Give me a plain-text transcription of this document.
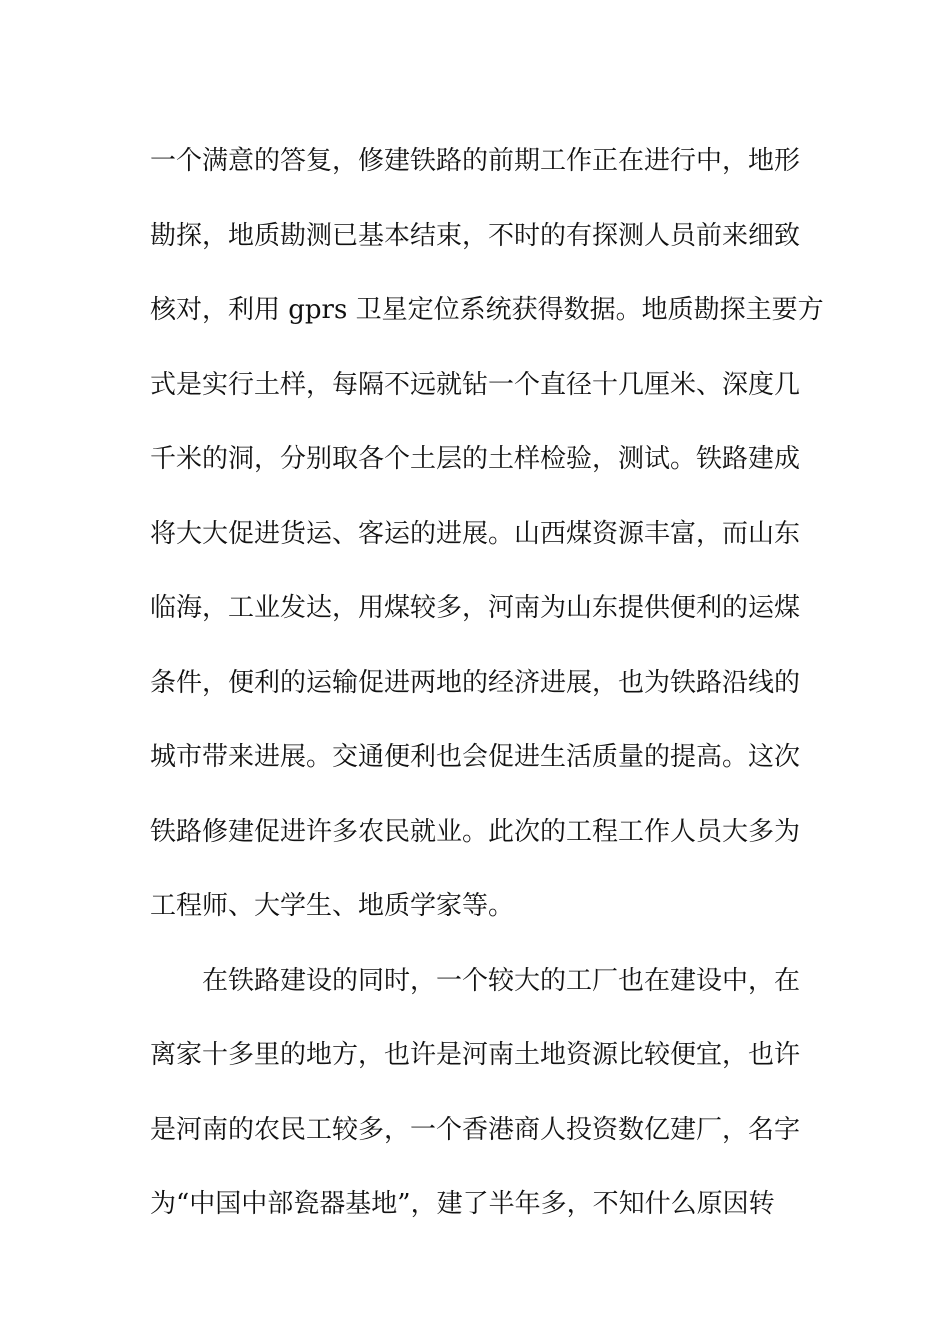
一个满意的答复，修建铁路的前期工作正在进行中，地形
勘探，地质勘测已基本结束，不时的有探测人员前来细致
核对，利用 gprs 卫星定位系统获得数据。地质勘探主要方
式是实行土样，每隔不远就钻一个直径十几厘米、深度几
千米的洞，分别取各个土层的土样检验，测试。铁路建成
将大大促进货运、客运的进展。山西煤资源丰富，而山东
临海，工业发达，用煤较多，河南为山东提供便利的运煤
条件，便利的运输促进两地的经济进展，也为铁路沿线的
城市带来进展。交通便利也会促进生活质量的提高。这次
铁路修建促进许多农民就业。此次的工程工作人员大多为
工程师、大学生、地质学家等。
在铁路建设的同时，一个较大的工厂也在建设中，在
离家十多里的地方，也许是河南土地资源比较便宜，也许
是河南的农民工较多，一个香港商人投资数亿建厂，名字
为“中国中部瓷器基地”，建了半年多，不知什么原因转
